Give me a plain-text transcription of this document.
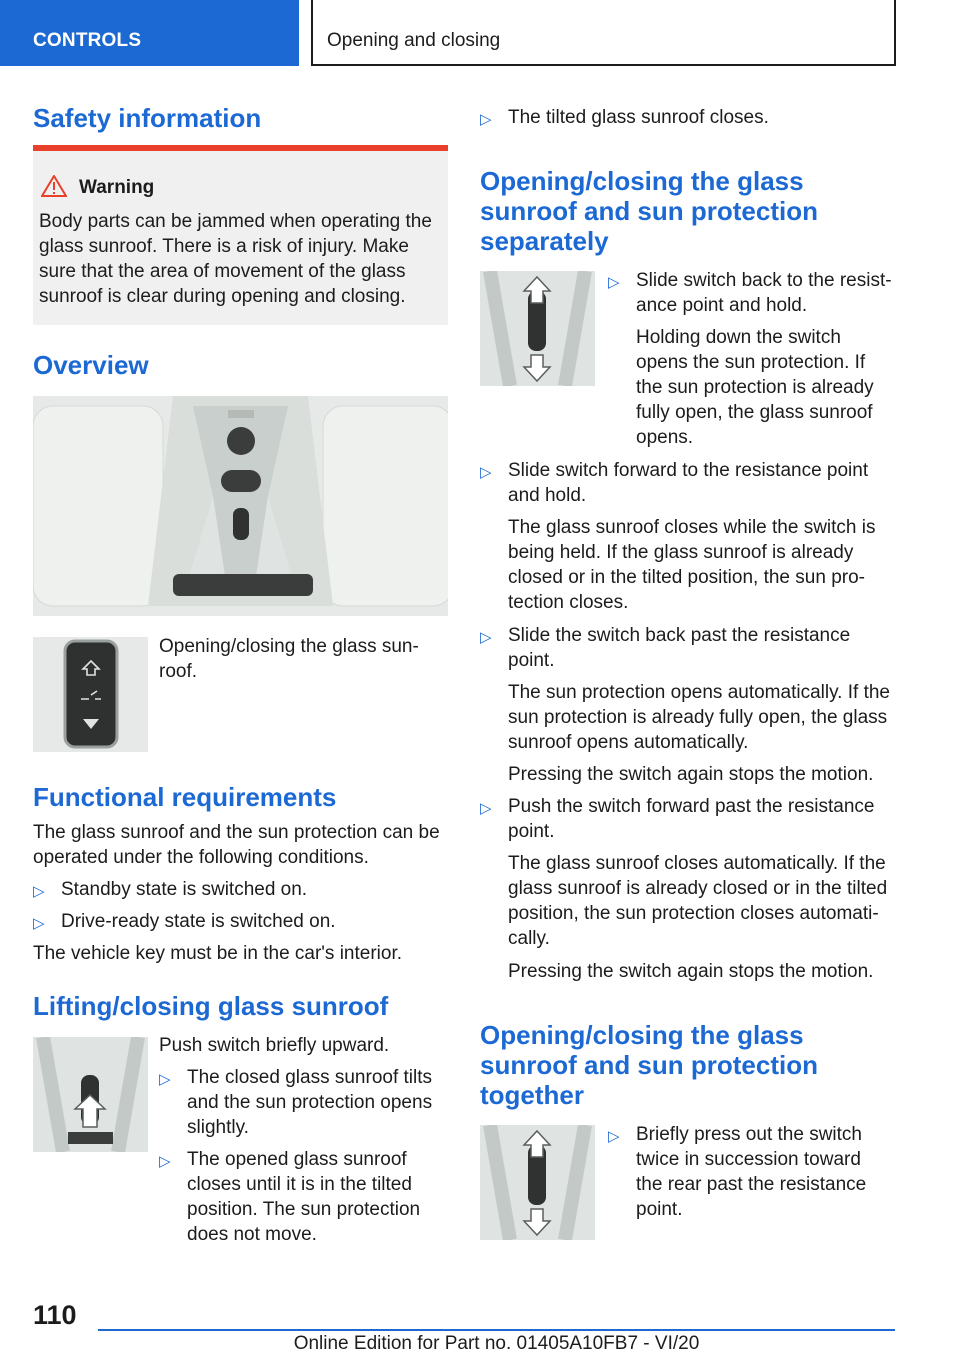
CONTROLS	Opening and closing
Safety information
Warning

Body parts can be jammed when operating the glass sunroof. There is a risk of injury. Make sure that the area of movement of the glass sunroof is clear during opening and closing.

Overview

Opening/closing the glass sun-

roof.

Functional requirements

The glass sunroof and the sun protection can be

operated under the following conditions.

▷ Standby state is switched on.
▷ Drive-ready state is switched on.

The vehicle key must be in the car's interior.

Lifting/closing glass sunroof

Push switch briefly upward.

▷ The closed glass sunroof tilts
and the sun protection opens
slightly.
▷ The opened glass sunroof
closes until it is in the tilted
position. The sun protection
does not move.
▷ The tilted glass sunroof closes.
Opening/closing the glass
sunroof and sun protection
separately
▷ Slide switch back to the resist-
ance point and hold.

Holding down the switch
opens the sun protection. If
the sun protection is already
fully open, the glass sunroof
opens.

▷ Slide switch forward to the resistance point
and hold.

The glass sunroof closes while the switch is
being held. If the glass sunroof is already
closed or in the tilted position, the sun pro-
tection closes.

▷ Slide the switch back past the resistance
point.

The sun protection opens automatically. If the
sun protection is already fully open, the glass
sunroof opens automatically.

Pressing the switch again stops the motion.

▷ Push the switch forward past the resistance
point.

The glass sunroof closes automatically. If the
glass sunroof is already closed or in the tilted
position, the sun protection closes automati-
cally.

Pressing the switch again stops the motion.

Opening/closing the glass
sunroof and sun protection
together
▷ Briefly press out the switch
twice in succession toward
the rear past the resistance
point.
110
Online Edition for Part no. 01405A10FB7 - VI/20
